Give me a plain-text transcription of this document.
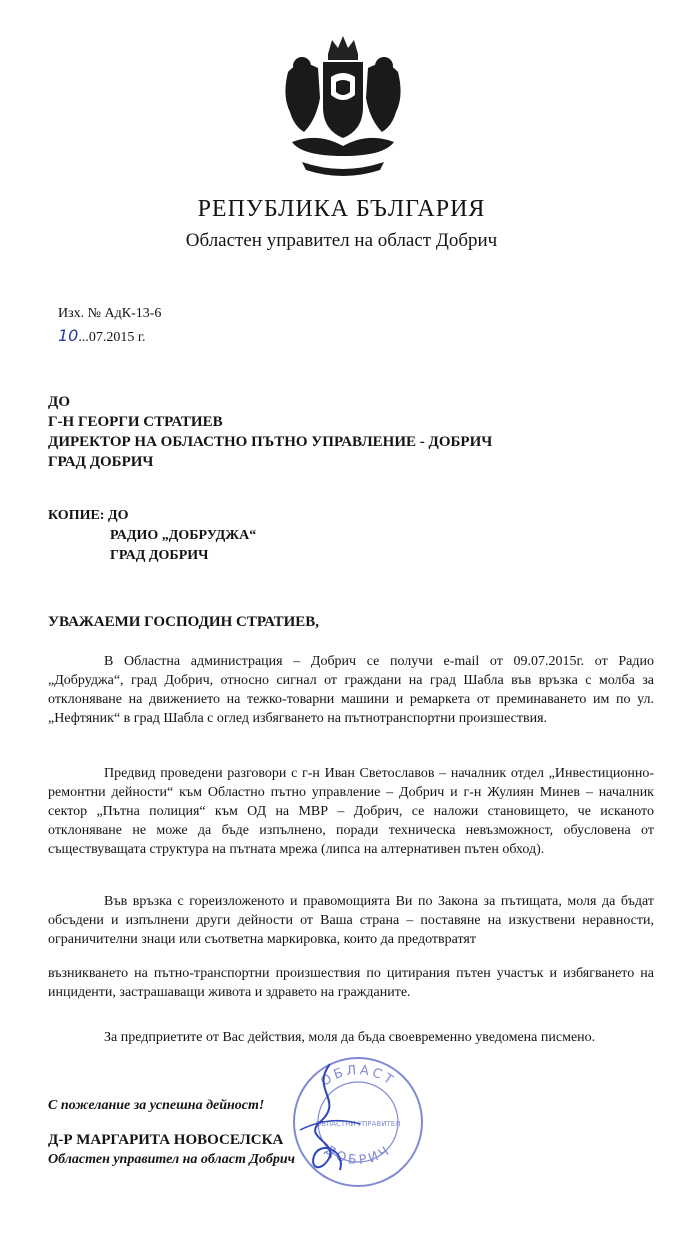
РЕПУБЛИКА БЪЛГАРИЯ
Областен управител на област Добрич
Изх. № АдК-13-6
10...07.2015 г.
ДО
Г-Н ГЕОРГИ СТРАТИЕВ
ДИРЕКТОР НА ОБЛАСТНО ПЪТНО УПРАВЛЕНИЕ - ДОБРИЧ
ГРАД ДОБРИЧ
КОПИЕ: ДО
РАДИО „ДОБРУДЖА“
ГРАД ДОБРИЧ
УВАЖАЕМИ ГОСПОДИН СТРАТИЕВ,
В Областна администрация – Добрич се получи e-mail от 09.07.2015г. от Радио „Добруджа“, град Добрич, относно сигнал от граждани на град Шабла във връзка с молба за отклоняване на движението на тежко-товарни машини и ремаркета от преминаването им по ул.„Нефтяник“ в град Шабла с оглед избягването на пътнотранспортни произшествия.
Предвид проведени разговори с г-н Иван Светославов – началник отдел „Инвестиционно-ремонтни дейности“ към Областно пътно управление – Добрич и г-н Жулиян Минев – началник сектор „Пътна полиция“ към ОД на МВР – Добрич, се наложи становището, че исканото отклоняване не може да бъде изпълнено, поради техническа невъзможност, обусловена от съществуващата структура на пътната мрежа (липса на алтернативен пътен обход).
Във връзка с гореизложеното и правомощията Ви по Закона за пътищата, моля да бъдат обсъдени и изпълнени други дейности от Ваша страна – поставяне на изкуствени неравности, ограничителни знаци или съответна маркировка, които да предотвратят
възникването на пътно-транспортни произшествия по цитирания пътен участък и избягването на инциденти, застрашаващи живота и здравето на гражданите.
За предприетите от Вас действия, моля да бъда своевременно уведомена писмено.
ОБЛАСТ
ДОБРИЧ
ОБЛАСТНИ УПРАВИТЕЛ
С пожелание за успешна дейност!
Д-Р МАРГАРИТА НОВОСЕЛСКА
Областен управител на област Добрич
